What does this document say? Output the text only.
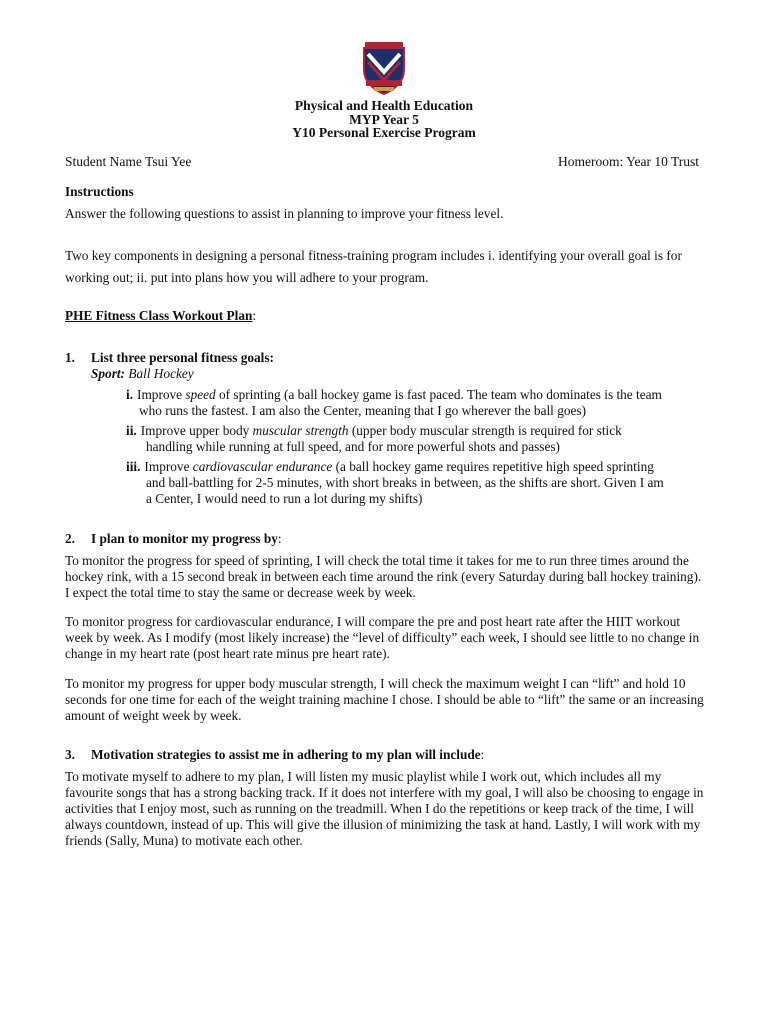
Physical and Health Education
MYP Year 5
Y10 Personal Exercise Program
Student Name Tsui Yee	Homeroom: Year 10 Trust
Instructions
Answer the following questions to assist in planning to improve your fitness level.
Two key components in designing a personal fitness-training program includes i. identifying your overall goal is for working out; ii. put into plans how you will adhere to your program.
PHE Fitness Class Workout Plan:
1. List three personal fitness goals:
Sport: Ball Hockey
i. Improve speed of sprinting (a ball hockey game is fast paced. The team who dominates is the team
who runs the fastest. I am also the Center, meaning that I go wherever the ball goes)
ii. Improve upper body muscular strength (upper body muscular strength is required for stick
handling while running at full speed, and for more powerful shots and passes)
iii. Improve cardiovascular endurance (a ball hockey game requires repetitive high speed sprinting
and ball-battling for 2-5 minutes, with short breaks in between, as the shifts are short. Given I am
a Center, I would need to run a lot during my shifts)
2. I plan to monitor my progress by:
To monitor the progress for speed of sprinting, I will check the total time it takes for me to run three times around the hockey rink, with a 15 second break in between each time around the rink (every Saturday during ball hockey training). I expect the total time to stay the same or decrease week by week.
To monitor progress for cardiovascular endurance, I will compare the pre and post heart rate after the HIIT workout week by week. As I modify (most likely increase) the “level of difficulty” each week, I should see little to no change in change in my heart rate (post heart rate minus pre heart rate).
To monitor my progress for upper body muscular strength, I will check the maximum weight I can “lift” and hold 10 seconds for one time for each of the weight training machine I chose. I should be able to “lift” the same or an increasing amount of weight week by week.
3. Motivation strategies to assist me in adhering to my plan will include:
To motivate myself to adhere to my plan, I will listen my music playlist while I work out, which includes all my favourite songs that has a strong backing track. If it does not interfere with my goal, I will also be choosing to engage in activities that I enjoy most, such as running on the treadmill. When I do the repetitions or keep track of the time, I will always countdown, instead of up. This will give the illusion of minimizing the task at hand. Lastly, I will work with my friends (Sally, Muna) to motivate each other.
